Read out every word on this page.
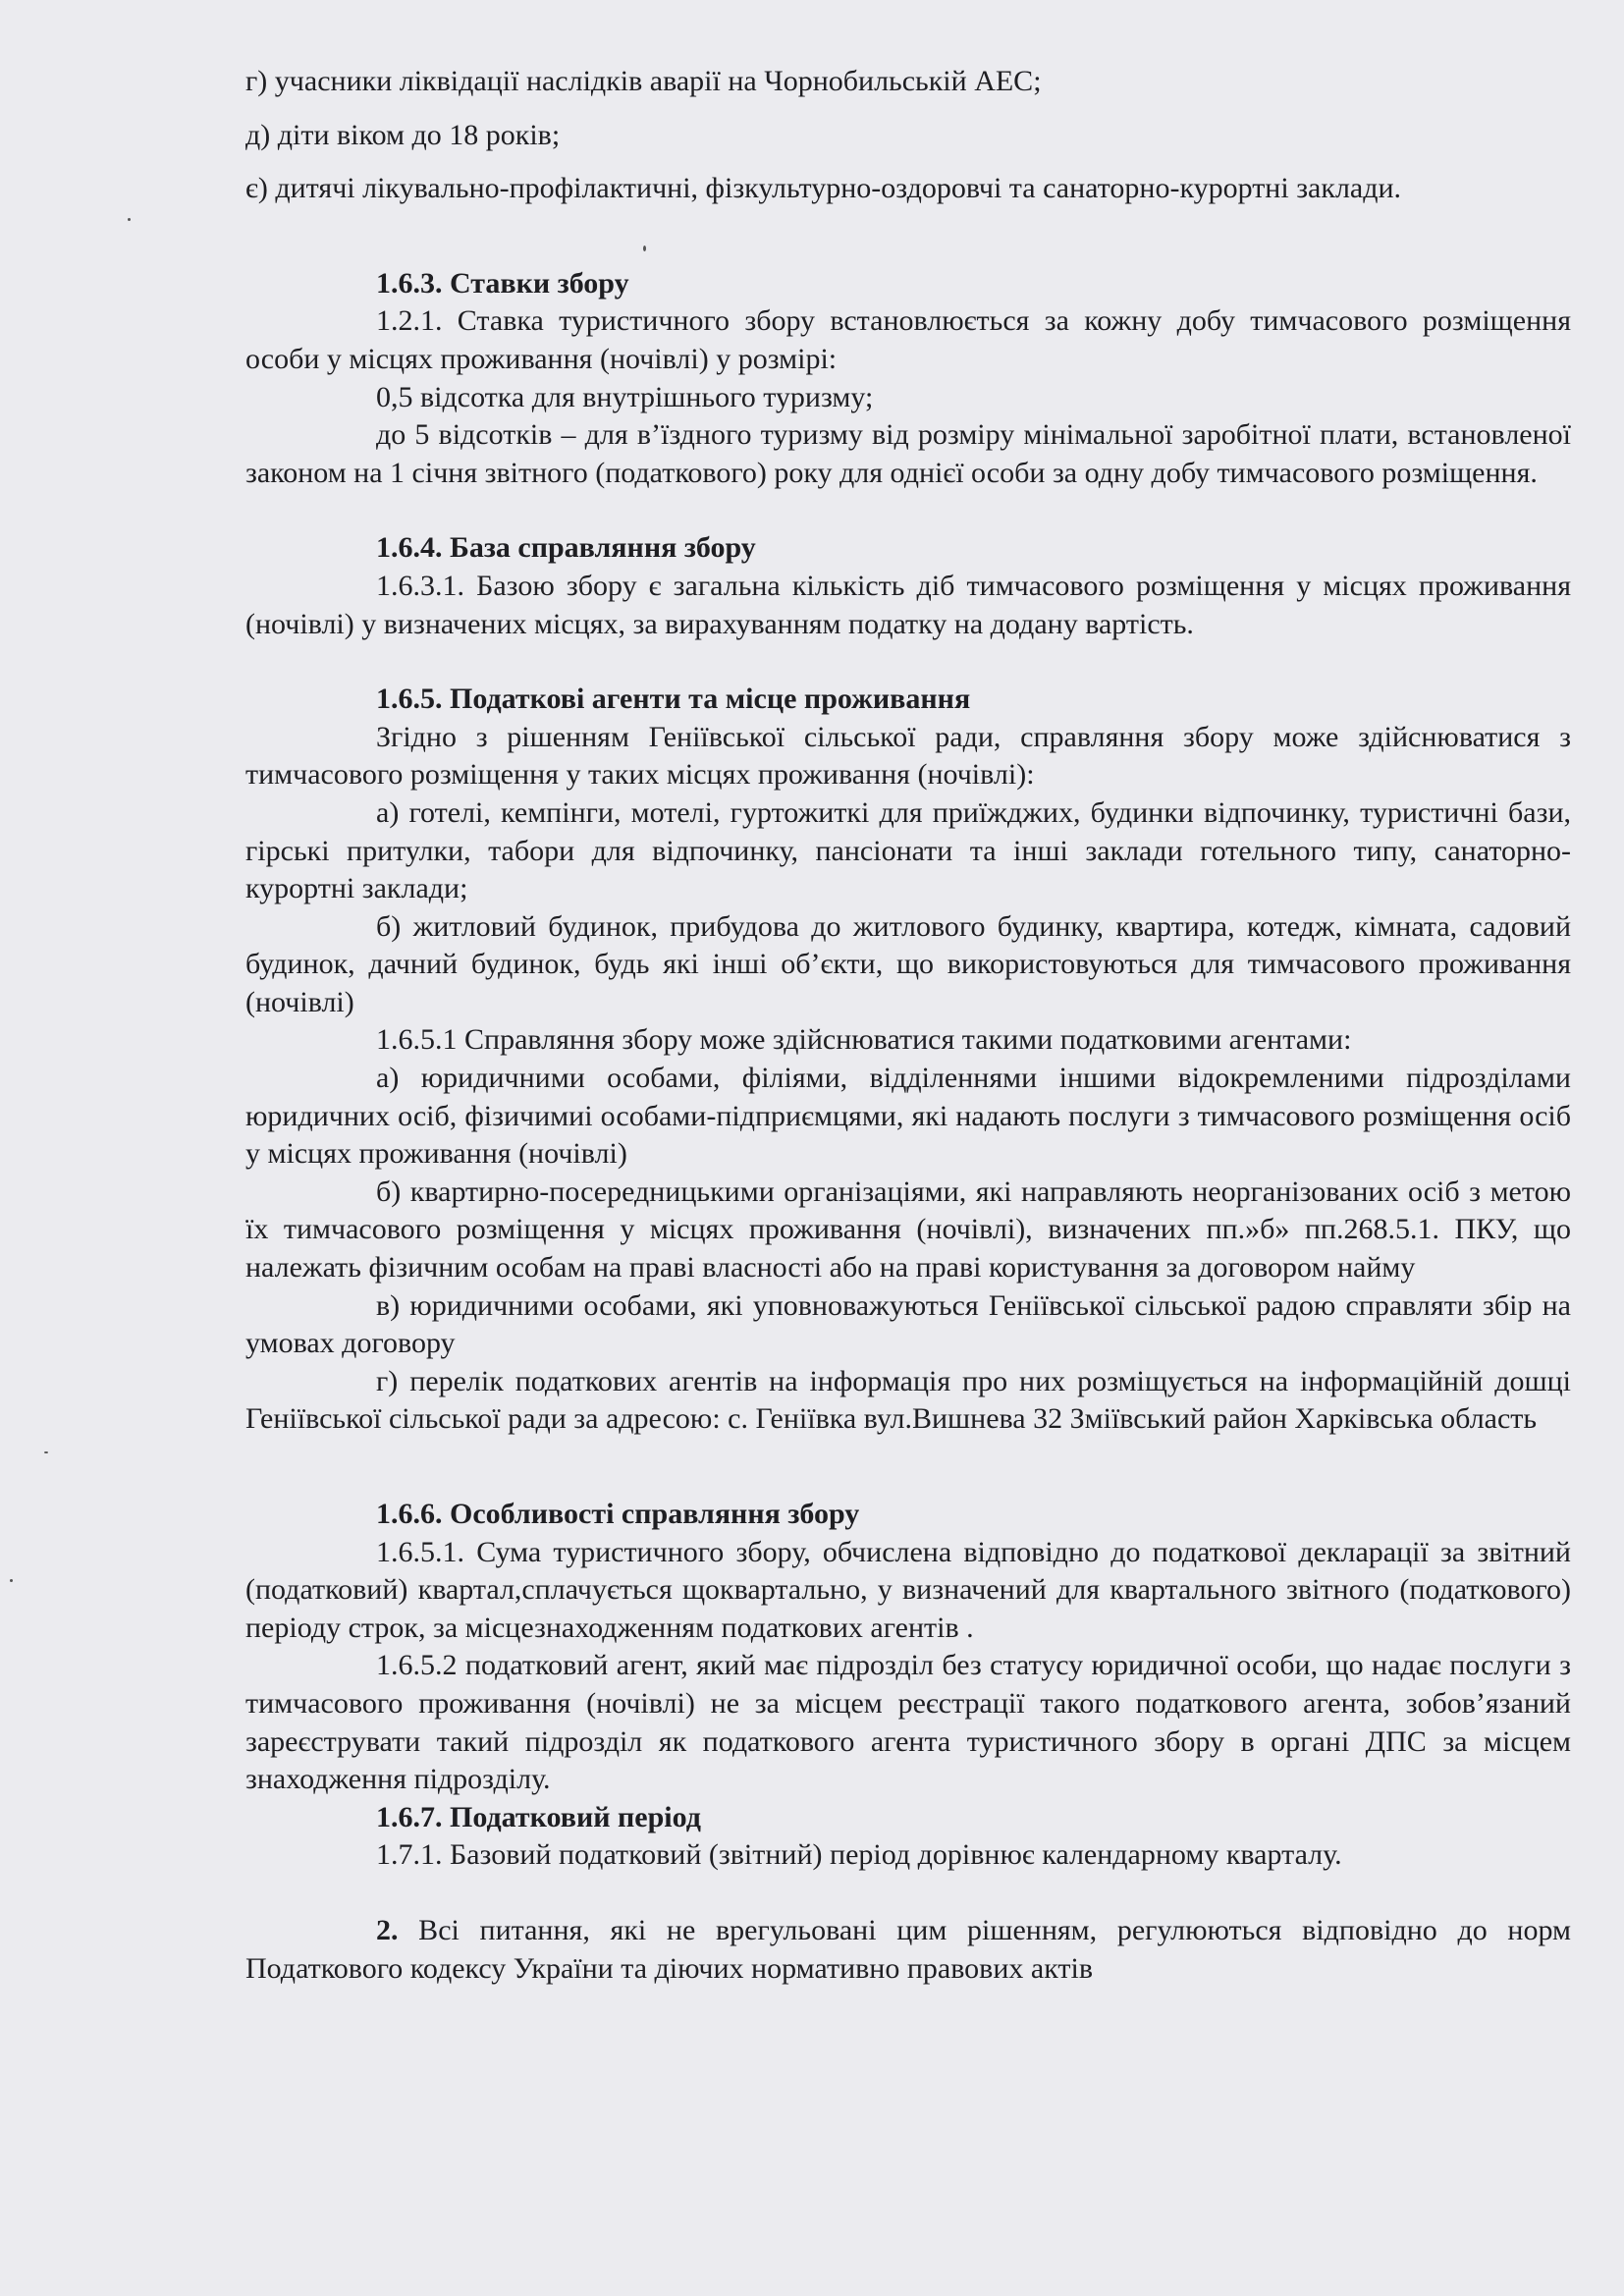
г) учасники ліквідації наслідків аварії на Чорнобильській АЕС;

д) діти віком до 18 років;

є) дитячі лікувально-профілактичні, фізкультурно-оздоровчі та санаторно-курортні заклади.

1.6.3. Ставки збору

1.2.1. Ставка туристичного збору встановлюється за кожну добу тимчасового розміщення особи у місцях проживання (ночівлі) у розмірі:

0,5 відсотка для внутрішнього туризму;

до 5 відсотків – для в’їздного туризму від розміру мінімальної заробітної плати, встановленої законом на 1 січня звітного (податкового) року для однієї особи за одну добу тимчасового розміщення.

1.6.4. База справляння збору

1.6.3.1. Базою збору є загальна кількість діб тимчасового розміщення у місцях проживання (ночівлі) у визначених місцях, за вирахуванням податку на додану вартість.

1.6.5. Податкові агенти та місце проживання

Згідно з рішенням Геніївської сільської ради, справляння збору може здійснюватися з тимчасового розміщення у таких місцях проживання (ночівлі):

а) готелі, кемпінги, мотелі, гуртожиткі для приїжджих, будинки відпочинку, туристичні бази, гірські притулки, табори для відпочинку, пансіонати та інші заклади готельного типу, санаторно-курортні заклади;

б) житловий будинок, прибудова до житлового будинку, квартира, котедж, кімната, садовий будинок, дачний будинок, будь які інші об’єкти, що використовуються для тимчасового проживання (ночівлі)

1.6.5.1 Справляння збору може здійснюватися такими податковими агентами:

а) юридичними особами, філіями, відділеннями іншими відокремленими підрозділами юридичних осіб, фізичимиі особами-підприємцями, які надають послуги з тимчасового розміщення осіб у місцях проживання (ночівлі)

б) квартирно-посередницькими організаціями, які направляють неорганізованих осіб з метою їх тимчасового розміщення у місцях проживання (ночівлі), визначених пп.»б» пп.268.5.1. ПКУ, що належать фізичним особам на праві власності або на праві користування за договором найму

в) юридичними особами, які уповноважуються Геніївської сільської радою справляти збір на умовах договору

г) перелік податкових агентів на інформація про них розміщується на інформаційній дошці Геніївської сільської ради за адресою: с. Геніївка вул.Вишнева 32 Зміївський район Харківська область

1.6.6. Особливості справляння збору

1.6.5.1. Сума туристичного збору, обчислена відповідно до податкової декларації за звітний (податковий) квартал,сплачується щоквартально, у визначений для квартального звітного (податкового) періоду строк, за місцезнаходженням податкових агентів .

1.6.5.2 податковий агент, який має підрозділ без статусу юридичної особи, що надає послуги з тимчасового проживання (ночівлі) не за місцем реєстрації такого податкового агента, зобов’язаний зареєструвати такий підрозділ як податкового агента туристичного збору в органі ДПС за місцем знаходження підрозділу.

1.6.7. Податковий період

1.7.1. Базовий податковий (звітний) період дорівнює календарному кварталу.

2. Всі питання, які не врегульовані цим рішенням, регулюються відповідно до норм Податкового кодексу України та діючих нормативно правових актів
